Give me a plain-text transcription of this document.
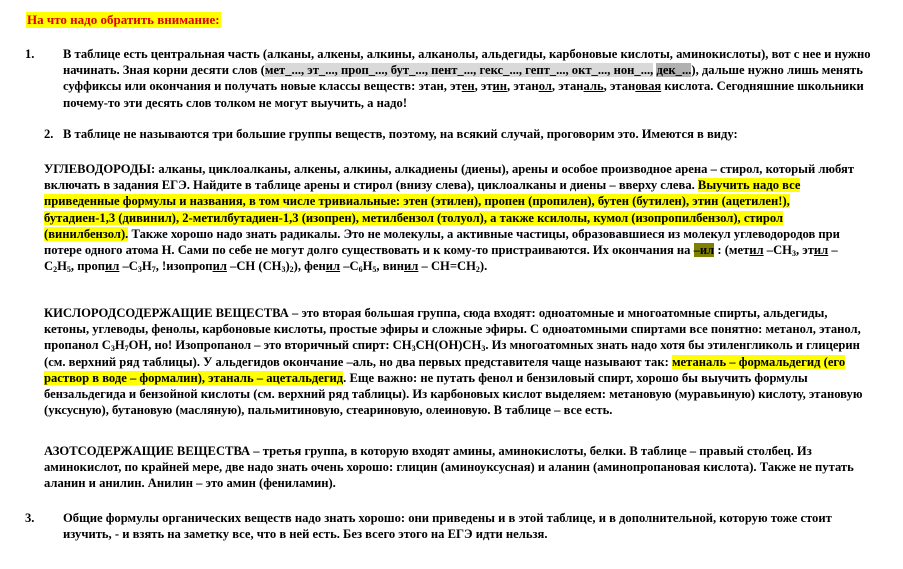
На что надо обратить внимание:
1. В таблице есть центральная часть (алканы, алкены, алкины, алканолы, альдегиды, карбоновые кислоты, аминокислоты), вот с нее и нужно начинать. Зная корни десяти слов (мет_..., эт_..., проп_..., бут_..., пент_..., гекс_..., гепт_..., окт_..., нон_..., дек_...), дальше нужно лишь менять суффиксы или окончания и получать новые классы веществ: этан, этен, этин, этанол, этаналь, этановая кислота. Сегодняшние школьники почему-то эти десять слов толком не могут выучить, а надо!
2. В таблице не называются три большие группы веществ, поэтому, на всякий случай, проговорим это. Имеются в виду:
УГЛЕВОДОРОДЫ: алканы, циклоалканы, алкены, алкины, алкадиены (диены), арены и особое производное арена – стирол, который любят включать в задания ЕГЭ. Найдите в таблице арены и стирол (внизу слева), циклоалканы и диены – вверху слева. Выучить надо все приведенные формулы и названия, в том числе тривиальные: этен (этилен), пропен (пропилен), бутен (бутилен), этин (ацетилен!), бутадиен-1,3 (дивинил), 2-метилбутадиен-1,3 (изопрен), метилбензол (толуол), а также ксилолы, кумол (изопропилбензол), стирол (винилбензол). Также хорошо надо знать радикалы. Это не молекулы, а активные частицы, образовавшиеся из молекул углеводородов при потере одного атома Н. Сами по себе не могут долго существовать и к кому-то пристраиваются. Их окончания на –ил : (метил $-СН_3$, этил $-С_2Н_5$, пропил $-С_3Н_7$, !изопропил –СН $(СН_3)_2$), фенил $-С_6Н_5$, винил – $СН=СН_2$).
КИСЛОРОДСОДЕРЖАЩИЕ ВЕЩЕСТВА – это вторая большая группа, сюда входят: одноатомные и многоатомные спирты, альдегиды, кетоны, углеводы, фенолы, карбоновые кислоты, простые эфиры и сложные эфиры. С одноатомными спиртами все понятно: метанол, этанол, пропанол $С_3Н_7ОН$, но! Изопропанол – это вторичный спирт: $СН_3СН(ОН)СН_3$. Из многоатомных знать надо хотя бы этиленгликоль и глицерин (см. верхний ряд таблицы). У альдегидов окончание –аль, но два первых представителя чаще называют так: метаналь – формальдегид (его раствор в воде – формалин), этаналь – ацетальдегид. Еще важно: не путать фенол и бензиловый спирт, хорошо бы выучить формулы бензальдегида и бензойной кислоты (см. верхний ряд таблицы). Из карбоновых кислот выделяем: метановую (муравьиную) кислоту, этановую (уксусную), бутановую (масляную), пальмитиновую, стеариновую, олеиновую. В таблице – все есть.
АЗОТСОДЕРЖАЩИЕ ВЕЩЕСТВА – третья группа, в которую входят амины, аминокислоты, белки. В таблице – правый столбец. Из аминокислот, по крайней мере, две надо знать очень хорошо: глицин (аминоуксусная) и аланин (аминопропановая кислота). Также не путать аланин и анилин. Анилин – это амин (фениламин).
3. Общие формулы органических веществ надо знать хорошо: они приведены и в этой таблице, и в дополнительной, которую тоже стоит изучить, - и взять на заметку все, что в ней есть. Без всего этого на ЕГЭ идти нельзя.
